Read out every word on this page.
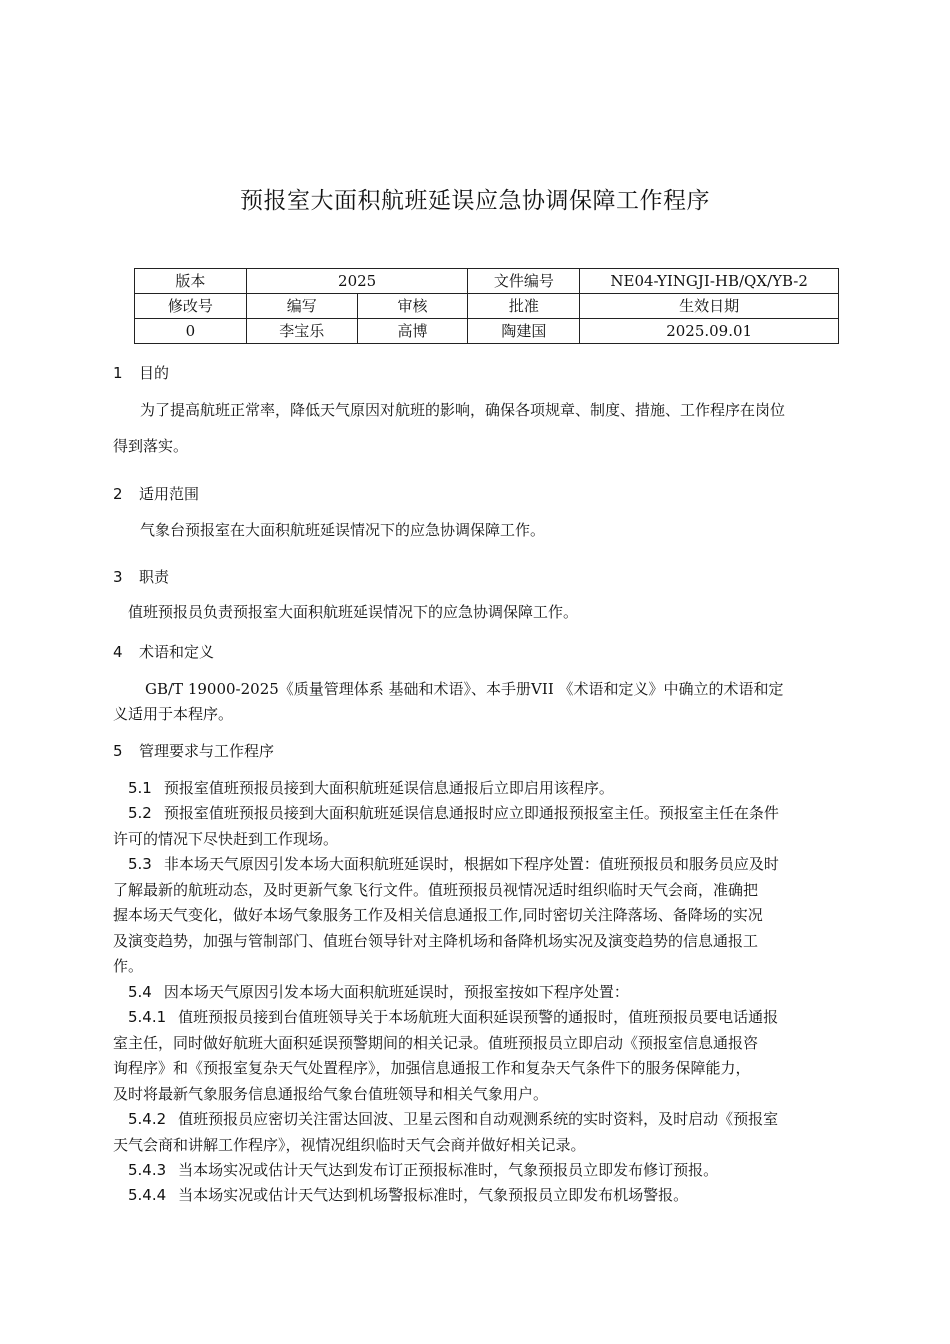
预报室大面积航班延误应急协调保障工作程序
版本	2025		文件编号	NE04-YINGJI-HB/QX/YB-2
修改号	编写	审核	批准	生效日期
0	李宝乐	高博	陶建国	2025.09.01
1 目的
为了提高航班正常率，降低天气原因对航班的影响，确保各项规章、制度、措施、工作程序在岗位
得到落实。
2 适用范围
气象台预报室在大面积航班延误情况下的应急协调保障工作。
3 职责
值班预报员负责预报室大面积航班延误情况下的应急协调保障工作。
4 术语和定义
GB/T 19000-2025《质量管理体系 基础和术语》、本手册VII 《术语和定义》中确立的术语和定
义适用于本程序。
5 管理要求与工作程序
5.1 预报室值班预报员接到大面积航班延误信息通报后立即启用该程序。
5.2 预报室值班预报员接到大面积航班延误信息通报时应立即通报预报室主任。预报室主任在条件
许可的情况下尽快赶到工作现场。
5.3 非本场天气原因引发本场大面积航班延误时，根据如下程序处置：值班预报员和服务员应及时
了解最新的航班动态，及时更新气象飞行文件。值班预报员视情况适时组织临时天气会商，准确把
握本场天气变化，做好本场气象服务工作及相关信息通报工作,同时密切关注降落场、备降场的实况
及演变趋势，加强与管制部门、值班台领导针对主降机场和备降机场实况及演变趋势的信息通报工
作。
5.4 因本场天气原因引发本场大面积航班延误时，预报室按如下程序处置：
5.4.1 值班预报员接到台值班领导关于本场航班大面积延误预警的通报时，值班预报员要电话通报
室主任，同时做好航班大面积延误预警期间的相关记录。值班预报员立即启动《预报室信息通报咨
询程序》和《预报室复杂天气处置程序》，加强信息通报工作和复杂天气条件下的服务保障能力，
及时将最新气象服务信息通报给气象台值班领导和相关气象用户。
5.4.2 值班预报员应密切关注雷达回波、卫星云图和自动观测系统的实时资料，及时启动《预报室
天气会商和讲解工作程序》，视情况组织临时天气会商并做好相关记录。
5.4.3 当本场实况或估计天气达到发布订正预报标准时，气象预报员立即发布修订预报。
5.4.4 当本场实况或估计天气达到机场警报标准时，气象预报员立即发布机场警报。
